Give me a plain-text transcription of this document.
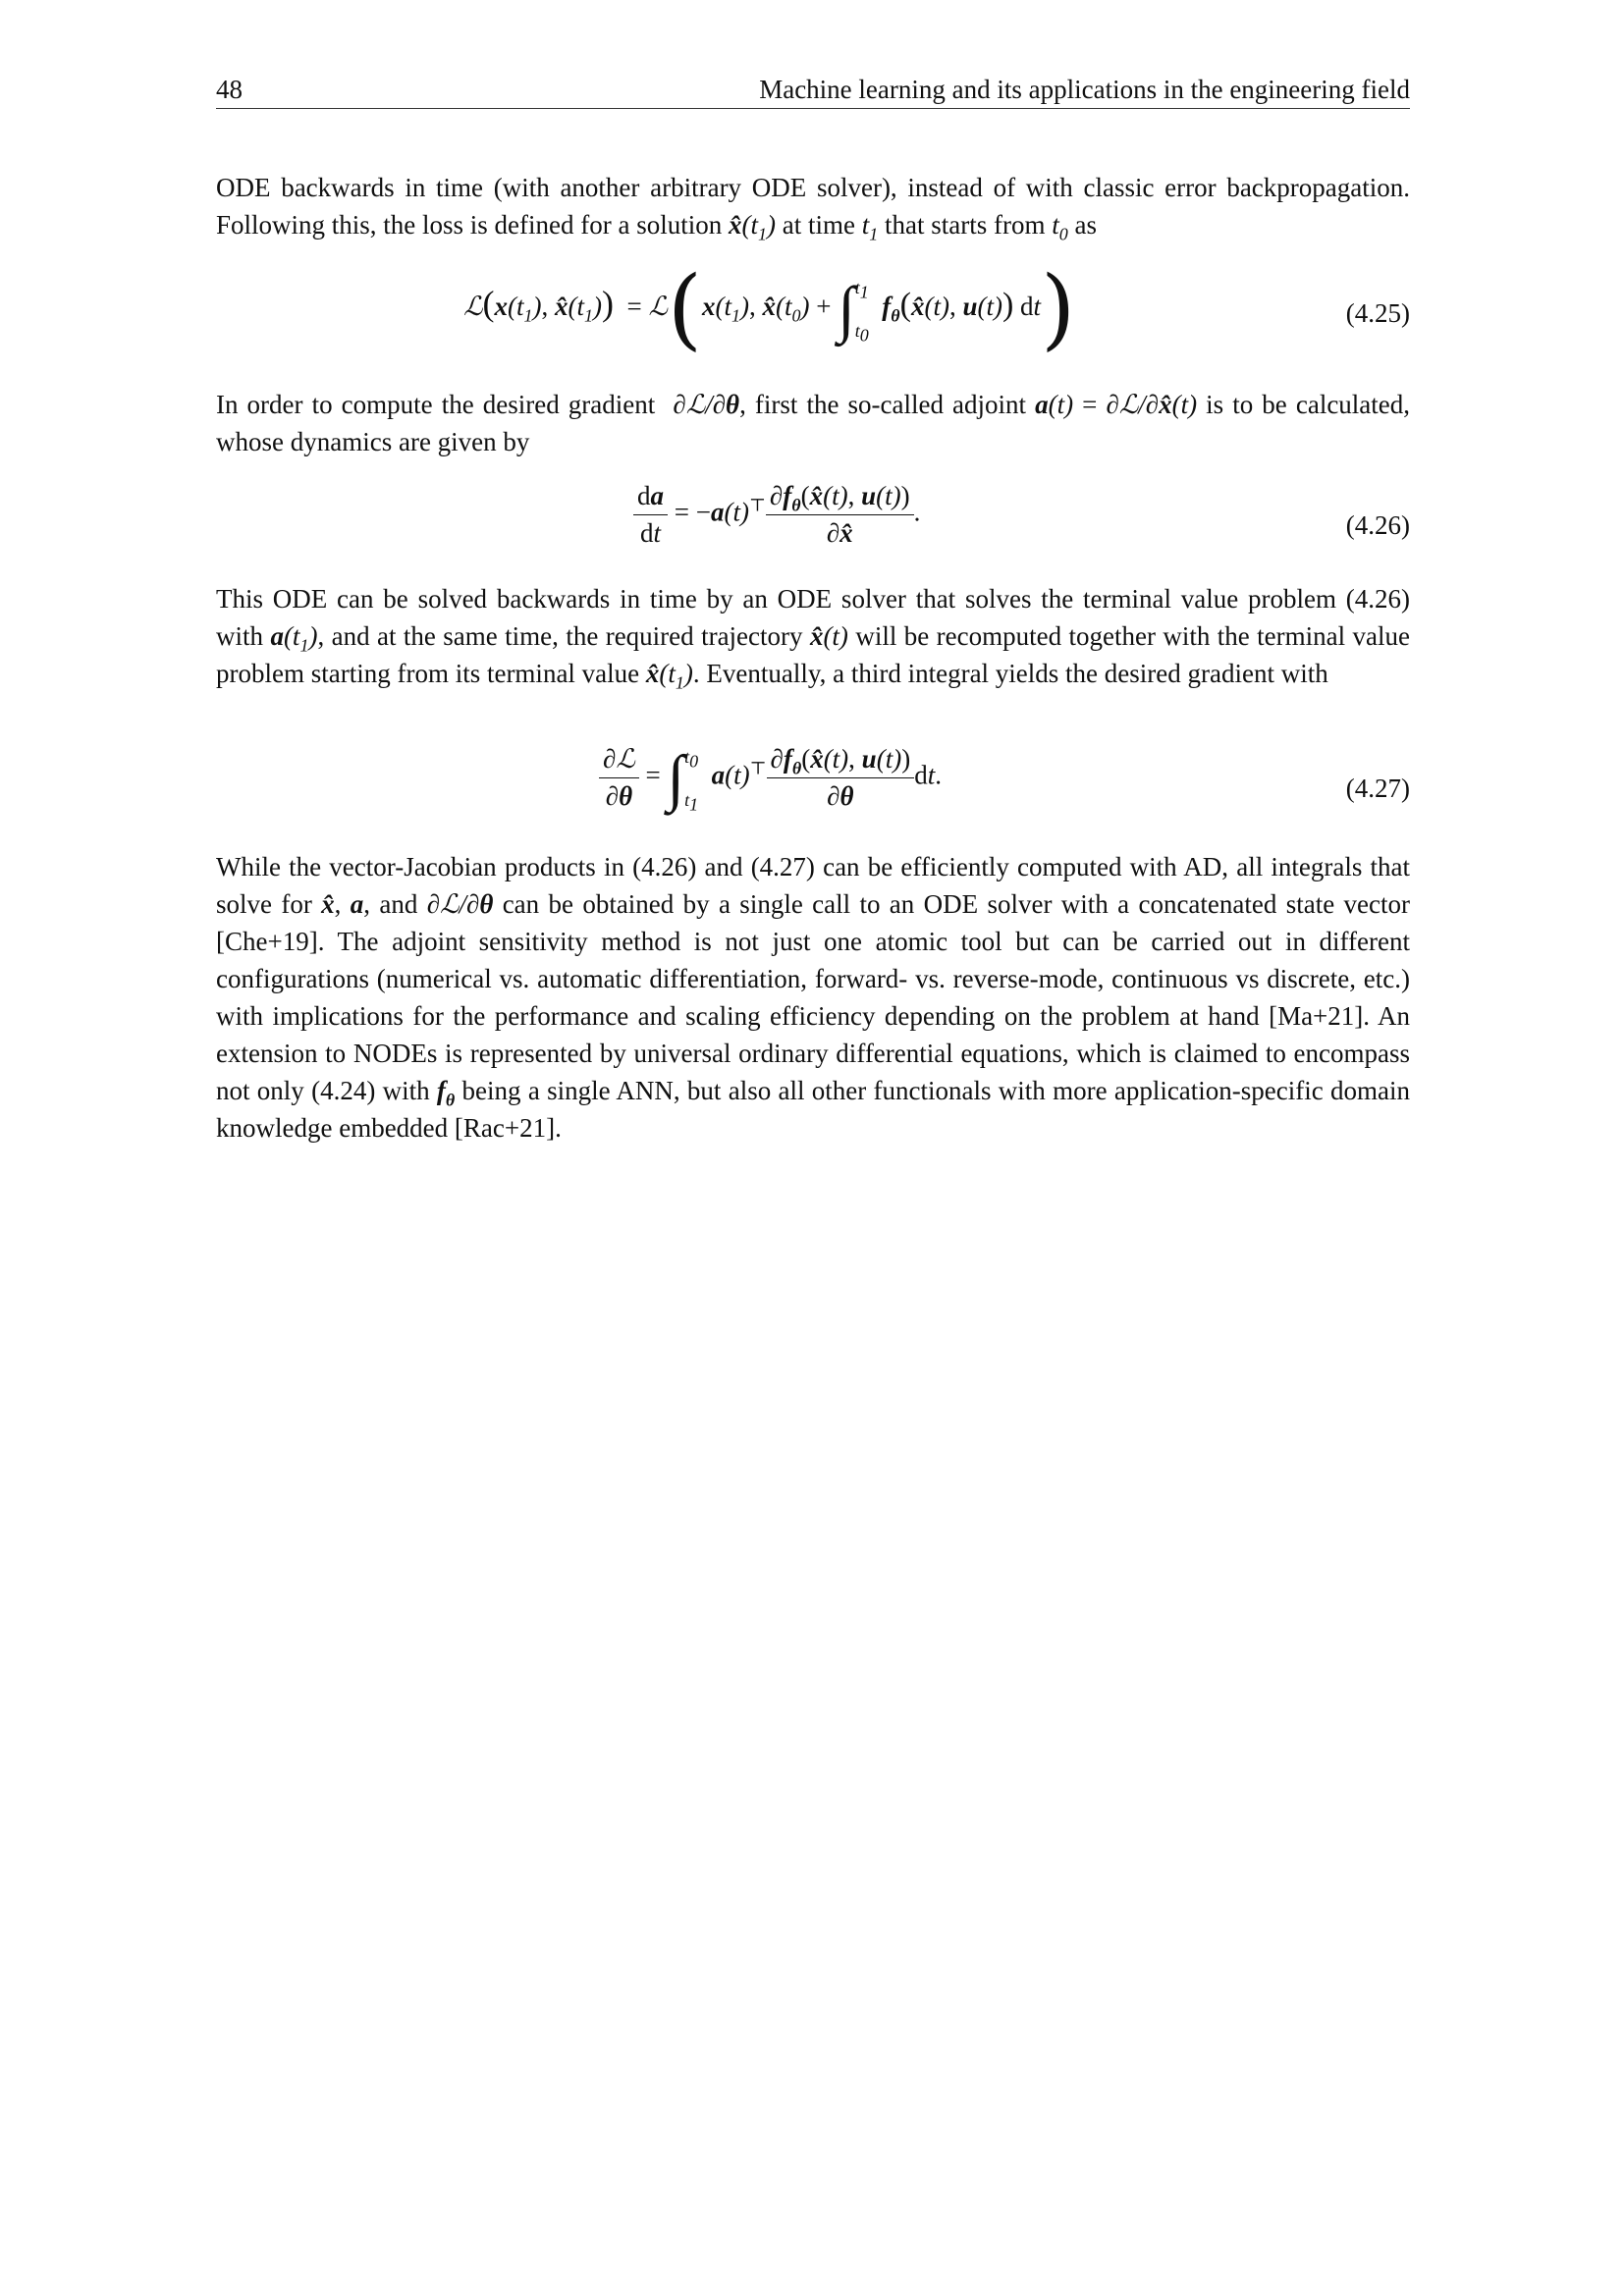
48	Machine learning and its applications in the engineering field
ODE backwards in time (with another arbitrary ODE solver), instead of with classic error backpropagation. Following this, the loss is defined for a solution $x̂(t_1)$ at time $t_1$ that starts from $t_0$ as
$ℒ(x(t_1)$, $x̂(t_1)$)  = $ℒ(x(t_1)$, $x̂(t_0)$ + ∫ $t_1$
$t_0$
$f_\theta(x̂(t)$, u(t)) dt)	(4.25)
In order to compute the desired gradient  ∂ℒ/∂θ, first the so-called adjoint a(t) = ∂ℒ/∂x̂(t) is to be calculated, whose dynamics are given by
$\frac{da}{dt} = -a(t)^⊤ \frac{\partial f_\theta(x̂(t), u(t))}{\partial x̂}$ .	(4.26)
This ODE can be solved backwards in time by an ODE solver that solves the terminal value problem (4.26) with $a(t_1)$, and at the same time, the required trajectory x̂(t) will be recomputed together with the terminal value problem starting from its terminal value $x̂(t_1)$. Eventually, a third integral yields the desired gradient with
$\frac{\text{∂ℒ}}{\partial\theta}$ = ∫ $t_0$
$t_1$
$a(t)^⊤ \frac{\partial f_\theta(x̂(t), u(t))}{\partial\theta}$ dt.	(4.27)
While the vector-Jacobian products in (4.26) and (4.27) can be efficiently computed with AD, all integrals that solve for x̂, a, and ∂ℒ/∂θ can be obtained by a single call to an ODE solver with a concatenated state vector [Che+19]. The adjoint sensitivity method is not just one atomic tool but can be carried out in different configurations (numerical vs. automatic differentiation, forward- vs. reverse-mode, continuous vs discrete, etc.) with implications for the performance and scaling efficiency depending on the problem at hand [Ma+21]. An extension to NODEs is represented by universal ordinary differential equations, which is claimed to encompass not only (4.24) with $f_\theta$ being a single ANN, but also all other functionals with more application-specific domain knowledge embedded [Rac+21].
